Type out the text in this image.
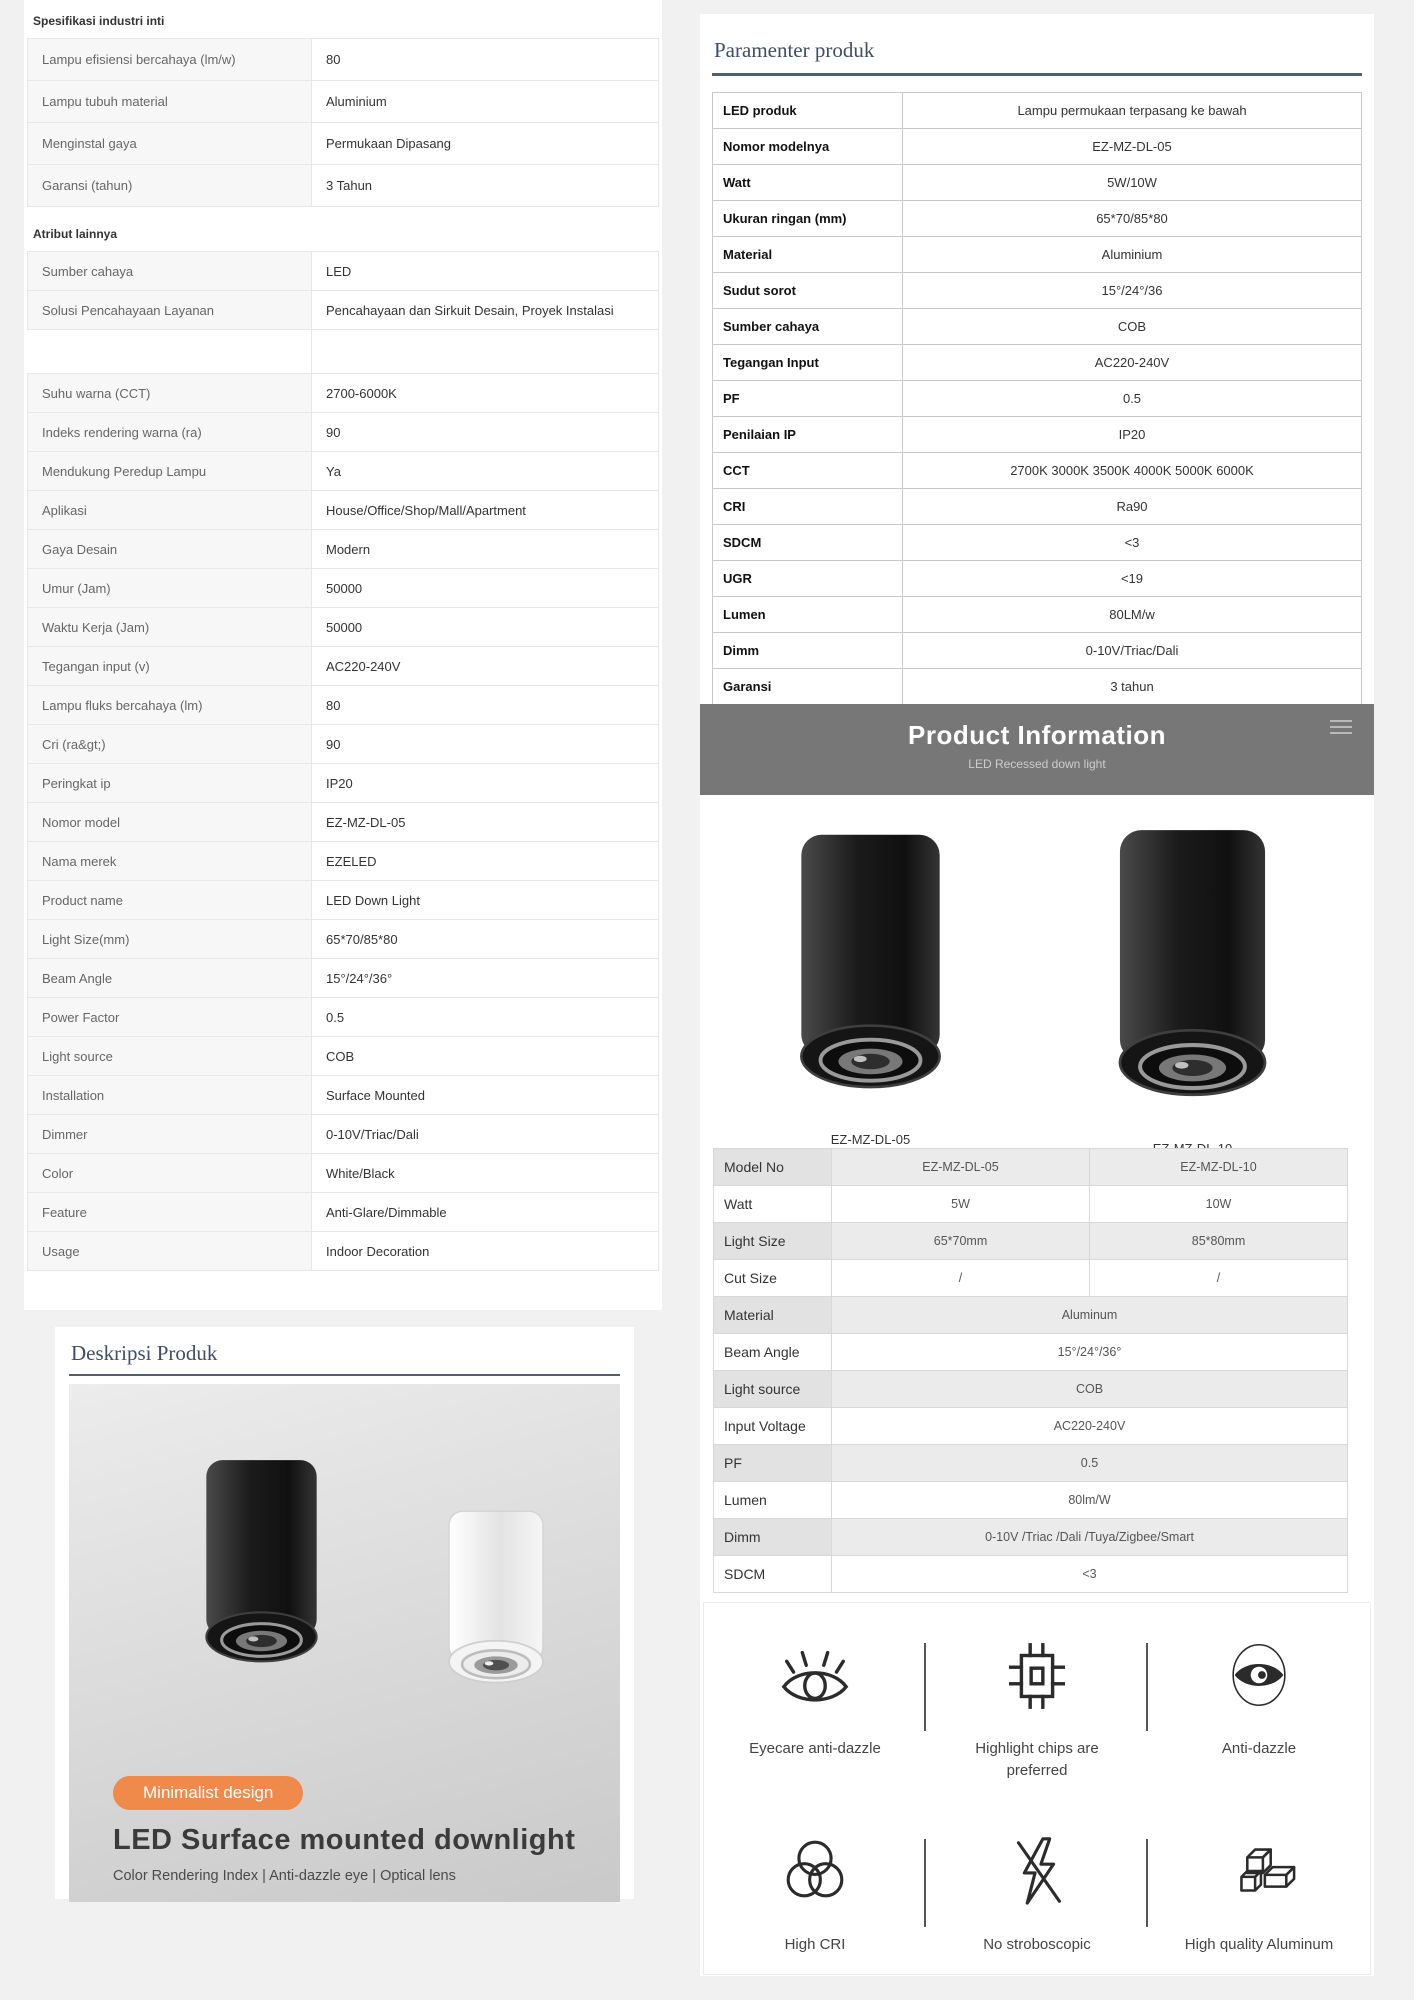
Spesifikasi industri inti
Lampu efisiensi bercahaya (lm/w)	80
Lampu tubuh material	Aluminium
Menginstal gaya	Permukaan Dipasang
Garansi (tahun)	3 Tahun
Atribut lainnya
Sumber cahaya	LED
Solusi Pencahayaan Layanan	Pencahayaan dan Sirkuit Desain, Proyek Instalasi

Suhu warna (CCT)	2700-6000K
Indeks rendering warna (ra)	90
Mendukung Peredup Lampu	Ya
Aplikasi	House/Office/Shop/Mall/Apartment
Gaya Desain	Modern
Umur (Jam)	50000
Waktu Kerja (Jam)	50000
Tegangan input (v)	AC220-240V
Lampu fluks bercahaya (lm)	80
Cri (ra&gt;)	90
Peringkat ip	IP20
Nomor model	EZ-MZ-DL-05
Nama merek	EZELED
Product name	LED Down Light
Light Size(mm)	65*70/85*80
Beam Angle	15°/24°/36°
Power Factor	0.5
Light source	COB
Installation	Surface Mounted
Dimmer	0-10V/Triac/Dali
Color	White/Black
Feature	Anti-Glare/Dimmable
Usage	Indoor Decoration
Deskripsi Produk
Minimalist design
LED Surface mounted downlight
Color Rendering Index | Anti-dazzle eye | Optical lens
Paramenter produk
LED produk	Lampu permukaan terpasang ke bawah
Nomor modelnya	EZ-MZ-DL-05
Watt	5W/10W
Ukuran ringan (mm)	65*70/85*80
Material	Aluminium
Sudut sorot	15°/24°/36
Sumber cahaya	COB
Tegangan Input	AC220-240V
PF	0.5
Penilaian IP	IP20
CCT	2700K 3000K 3500K 4000K 5000K 6000K
CRI	Ra90
SDCM	<3
UGR	<19
Lumen	80LM/w
Dimm	0-10V/Triac/Dali
Garansi	3 tahun
Product Information
LED Recessed down light
EZ-MZ-DL-05
Model No	EZ-MZ-DL-05	EZ-MZ-DL-10
Watt	5W	10W
Light Size	65*70mm	85*80mm
Cut Size	/	/
Material	Aluminum	
Beam Angle	15°/24°/36°	
Light source	COB	
Input Voltage	AC220-240V	
PF	0.5	
Lumen	80lm/W	
Dimm	0-10V /Triac /Dali /Tuya/Zigbee/Smart	
SDCM	<3	
Eyecare anti-dazzle	Highlight chips are preferred
Anti-dazzle
High CRI	No stroboscopic	High quality Aluminum
